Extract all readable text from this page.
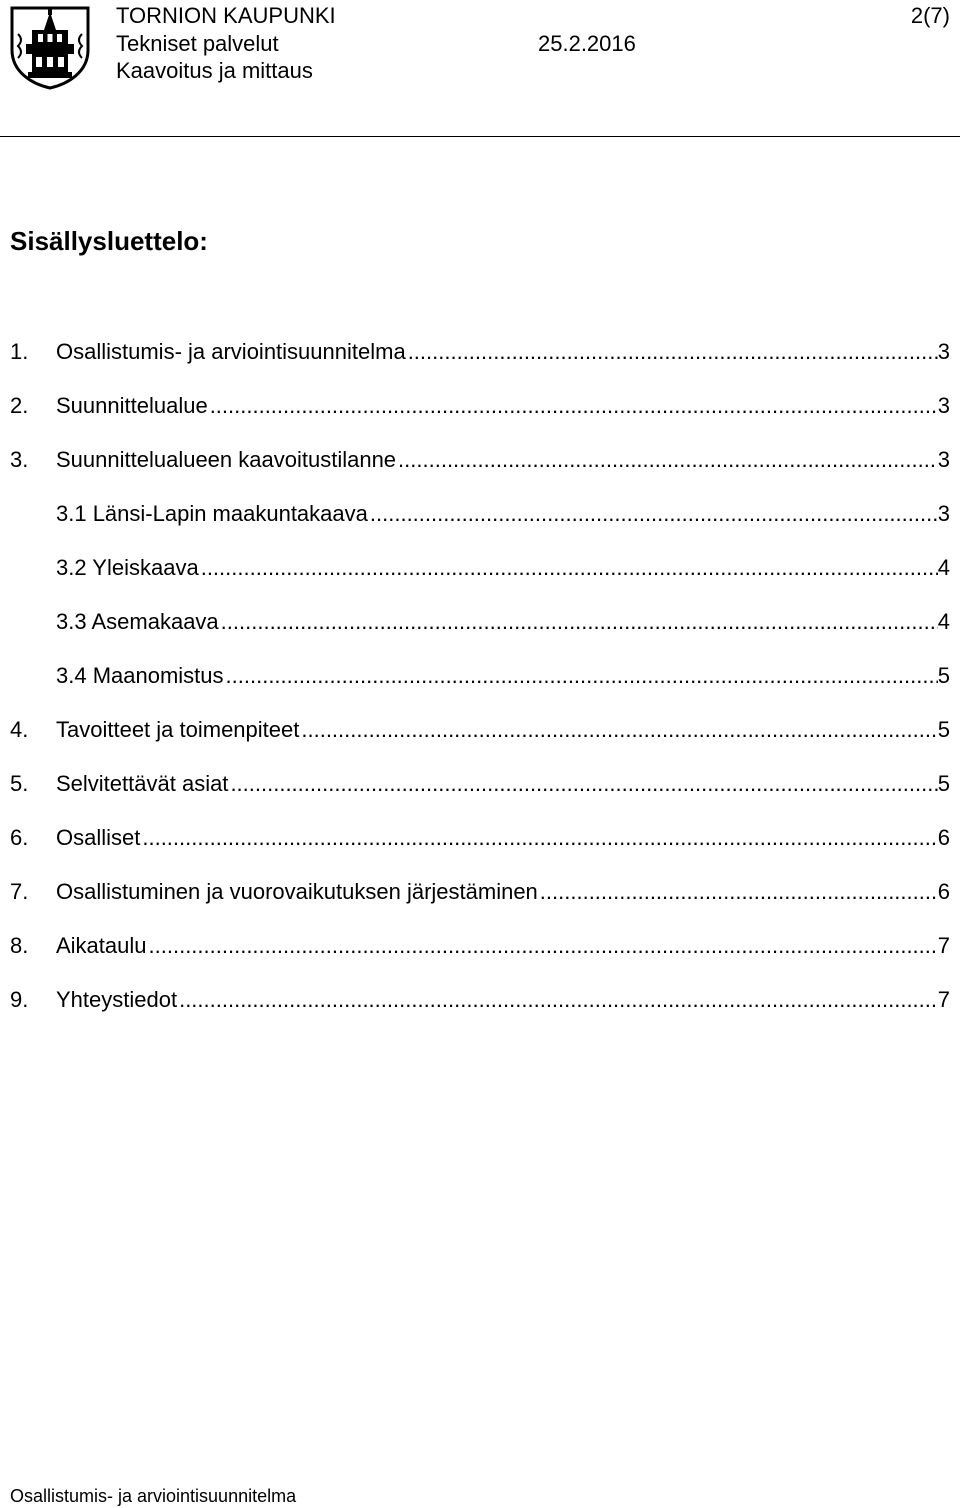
TORNION KAUPUNKI
Tekniset palvelut
Kaavoitus ja mittaus
25.2.2016
2(7)
Sisällysluettelo:
1.	Osallistumis- ja arviointisuunnitelma .....	3
2.	Suunnittelualue .....	3
3.	Suunnittelualueen kaavoitustilanne .....	3
3.1 Länsi-Lapin maakuntakaava .....	3
3.2 Yleiskaava .....	4
3.3 Asemakaava .....	4
3.4 Maanomistus .....	5
4.	Tavoitteet ja toimenpiteet .....	5
5.	Selvitettävät asiat .....	5
6.	Osalliset .....	6
7.	Osallistuminen ja vuorovaikutuksen järjestäminen .....	6
8.	Aikataulu .....	7
9.	Yhteystiedot .....	7
Osallistumis- ja arviointisuunnitelma
